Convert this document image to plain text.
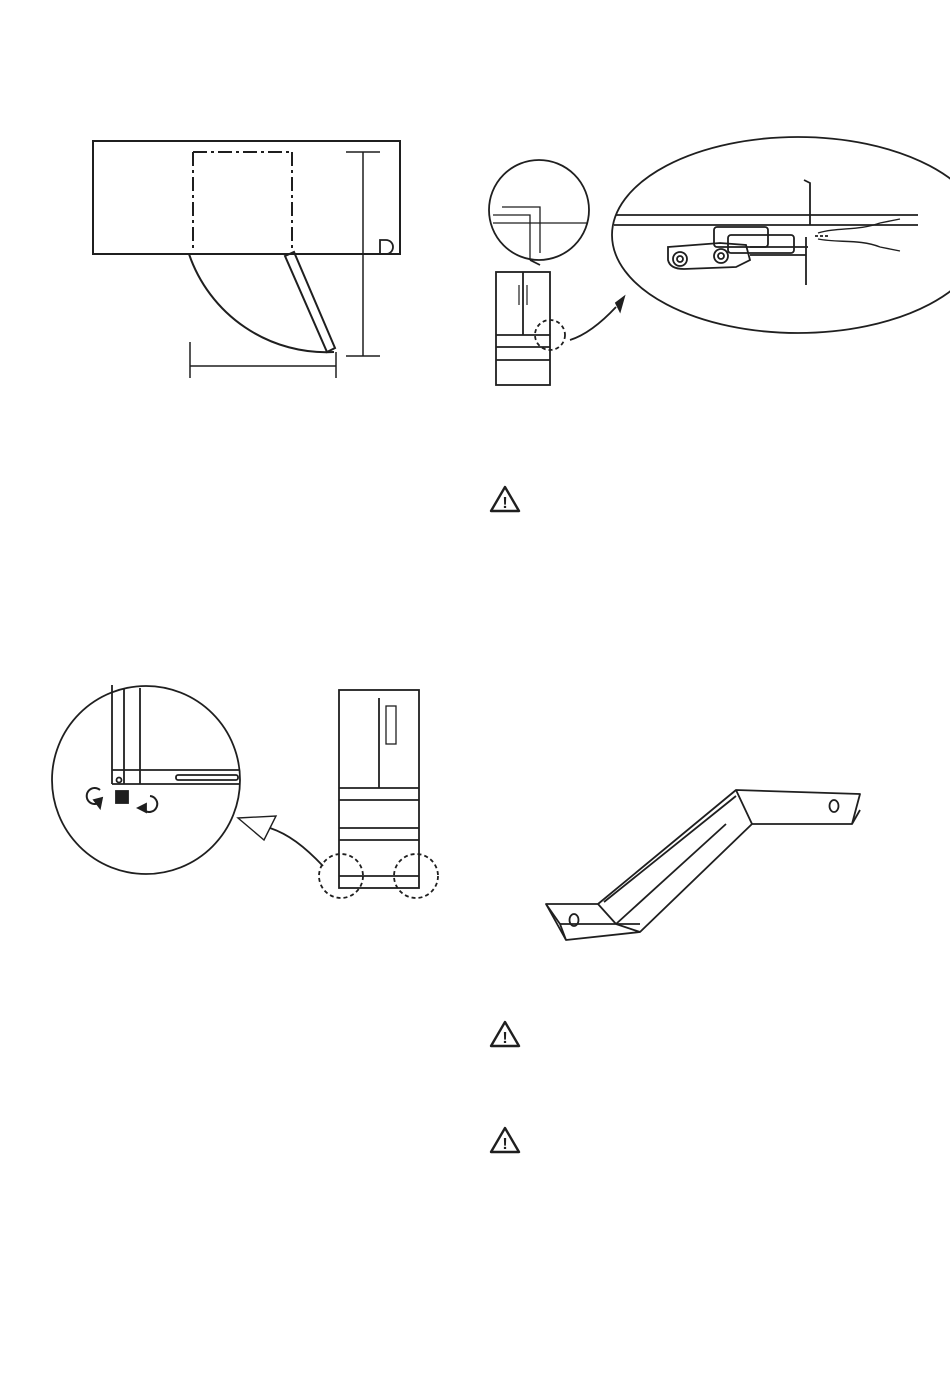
!
!
!
